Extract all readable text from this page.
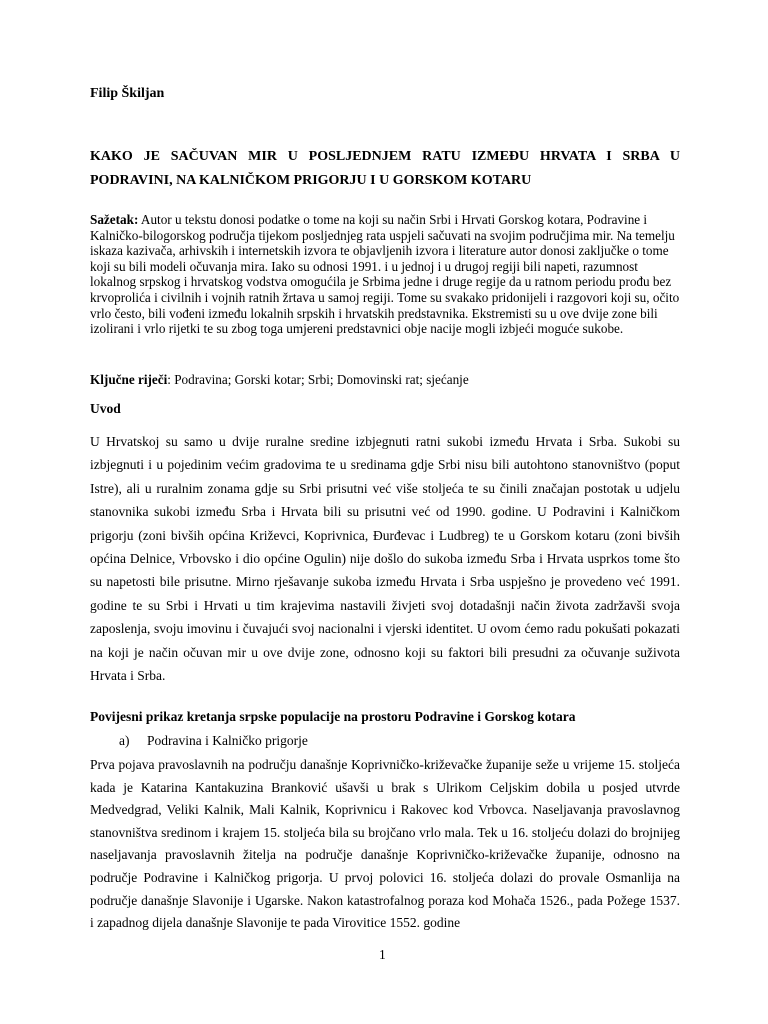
Filip Škiljan
KAKO JE SAČUVAN MIR U POSLJEDNJEM RATU IZMEĐU HRVATA I SRBA U PODRAVINI, NA KALNIČKOM PRIGORJU I U GORSKOM KOTARU
Sažetak: Autor u tekstu donosi podatke o tome na koji su način Srbi i Hrvati Gorskog kotara, Podravine i Kalničko-bilogorskog područja tijekom posljednjeg rata uspjeli sačuvati na svojim područjima mir. Na temelju iskaza kazivača, arhivskih i internetskih izvora te objavljenih izvora i literature autor donosi zaključke o tome koji su bili modeli očuvanja mira. Iako su odnosi 1991. i u jednoj i u drugoj regiji bili napeti, razumnost lokalnog srpskog i hrvatskog vodstva omogućila je Srbima jedne i druge regije da u ratnom periodu prođu bez krvoprolića i civilnih i vojnih ratnih žrtava u samoj regiji. Tome su svakako pridonijeli i razgovori koji su, očito vrlo često, bili vođeni između lokalnih srpskih i hrvatskih predstavnika. Ekstremisti su u ove dvije zone bili izolirani i vrlo rijetki te su zbog toga umjereni predstavnici obje nacije mogli izbjeći moguće sukobe.
Ključne riječi: Podravina; Gorski kotar; Srbi; Domovinski rat; sjećanje
Uvod
U Hrvatskoj su samo u dvije ruralne sredine izbjegnuti ratni sukobi između Hrvata i Srba. Sukobi su izbjegnuti i u pojedinim većim gradovima te u sredinama gdje Srbi nisu bili autohtono stanovništvo (poput Istre), ali u ruralnim zonama gdje su Srbi prisutni već više stoljeća te su činili značajan postotak u udjelu stanovnika sukobi između Srba i Hrvata bili su prisutni već od 1990. godine. U Podravini i Kalničkom prigorju (zoni bivših općina Križevci, Koprivnica, Đurđevac i Ludbreg) te u Gorskom kotaru (zoni bivših općina Delnice, Vrbovsko i dio općine Ogulin) nije došlo do sukoba između Srba i Hrvata usprkos tome što su napetosti bile prisutne. Mirno rješavanje sukoba između Hrvata i Srba uspješno je provedeno već 1991. godine te su Srbi i Hrvati u tim krajevima nastavili živjeti svoj dotadašnji način života zadržavši svoja zaposlenja, svoju imovinu i čuvajući svoj nacionalni i vjerski identitet. U ovom ćemo radu pokušati pokazati na koji je način očuvan mir u ove dvije zone, odnosno koji su faktori bili presudni za očuvanje suživota Hrvata i Srba.
Povijesni prikaz kretanja srpske populacije na prostoru Podravine i Gorskog kotara
a) Podravina i Kalničko prigorje
Prva pojava pravoslavnih na području današnje Koprivničko-križevačke županije seže u vrijeme 15. stoljeća kada je Katarina Kantakuzina Branković ušavši u brak s Ulrikom Celjskim dobila u posjed utvrde Medvedgrad, Veliki Kalnik, Mali Kalnik, Koprivnicu i Rakovec kod Vrbovca. Naseljavanja pravoslavnog stanovništva sredinom i krajem 15. stoljeća bila su brojčano vrlo mala. Tek u 16. stoljeću dolazi do brojnijeg naseljavanja pravoslavnih žitelja na područje današnje Koprivničko-križevačke županije, odnosno na područje Podravine i Kalničkog prigorja. U prvoj polovici 16. stoljeća dolazi do provale Osmanlija na područje današnje Slavonije i Ugarske. Nakon katastrofalnog poraza kod Mohača 1526., pada Požege 1537. i zapadnog dijela današnje Slavonije te pada Virovitice 1552. godine
1
